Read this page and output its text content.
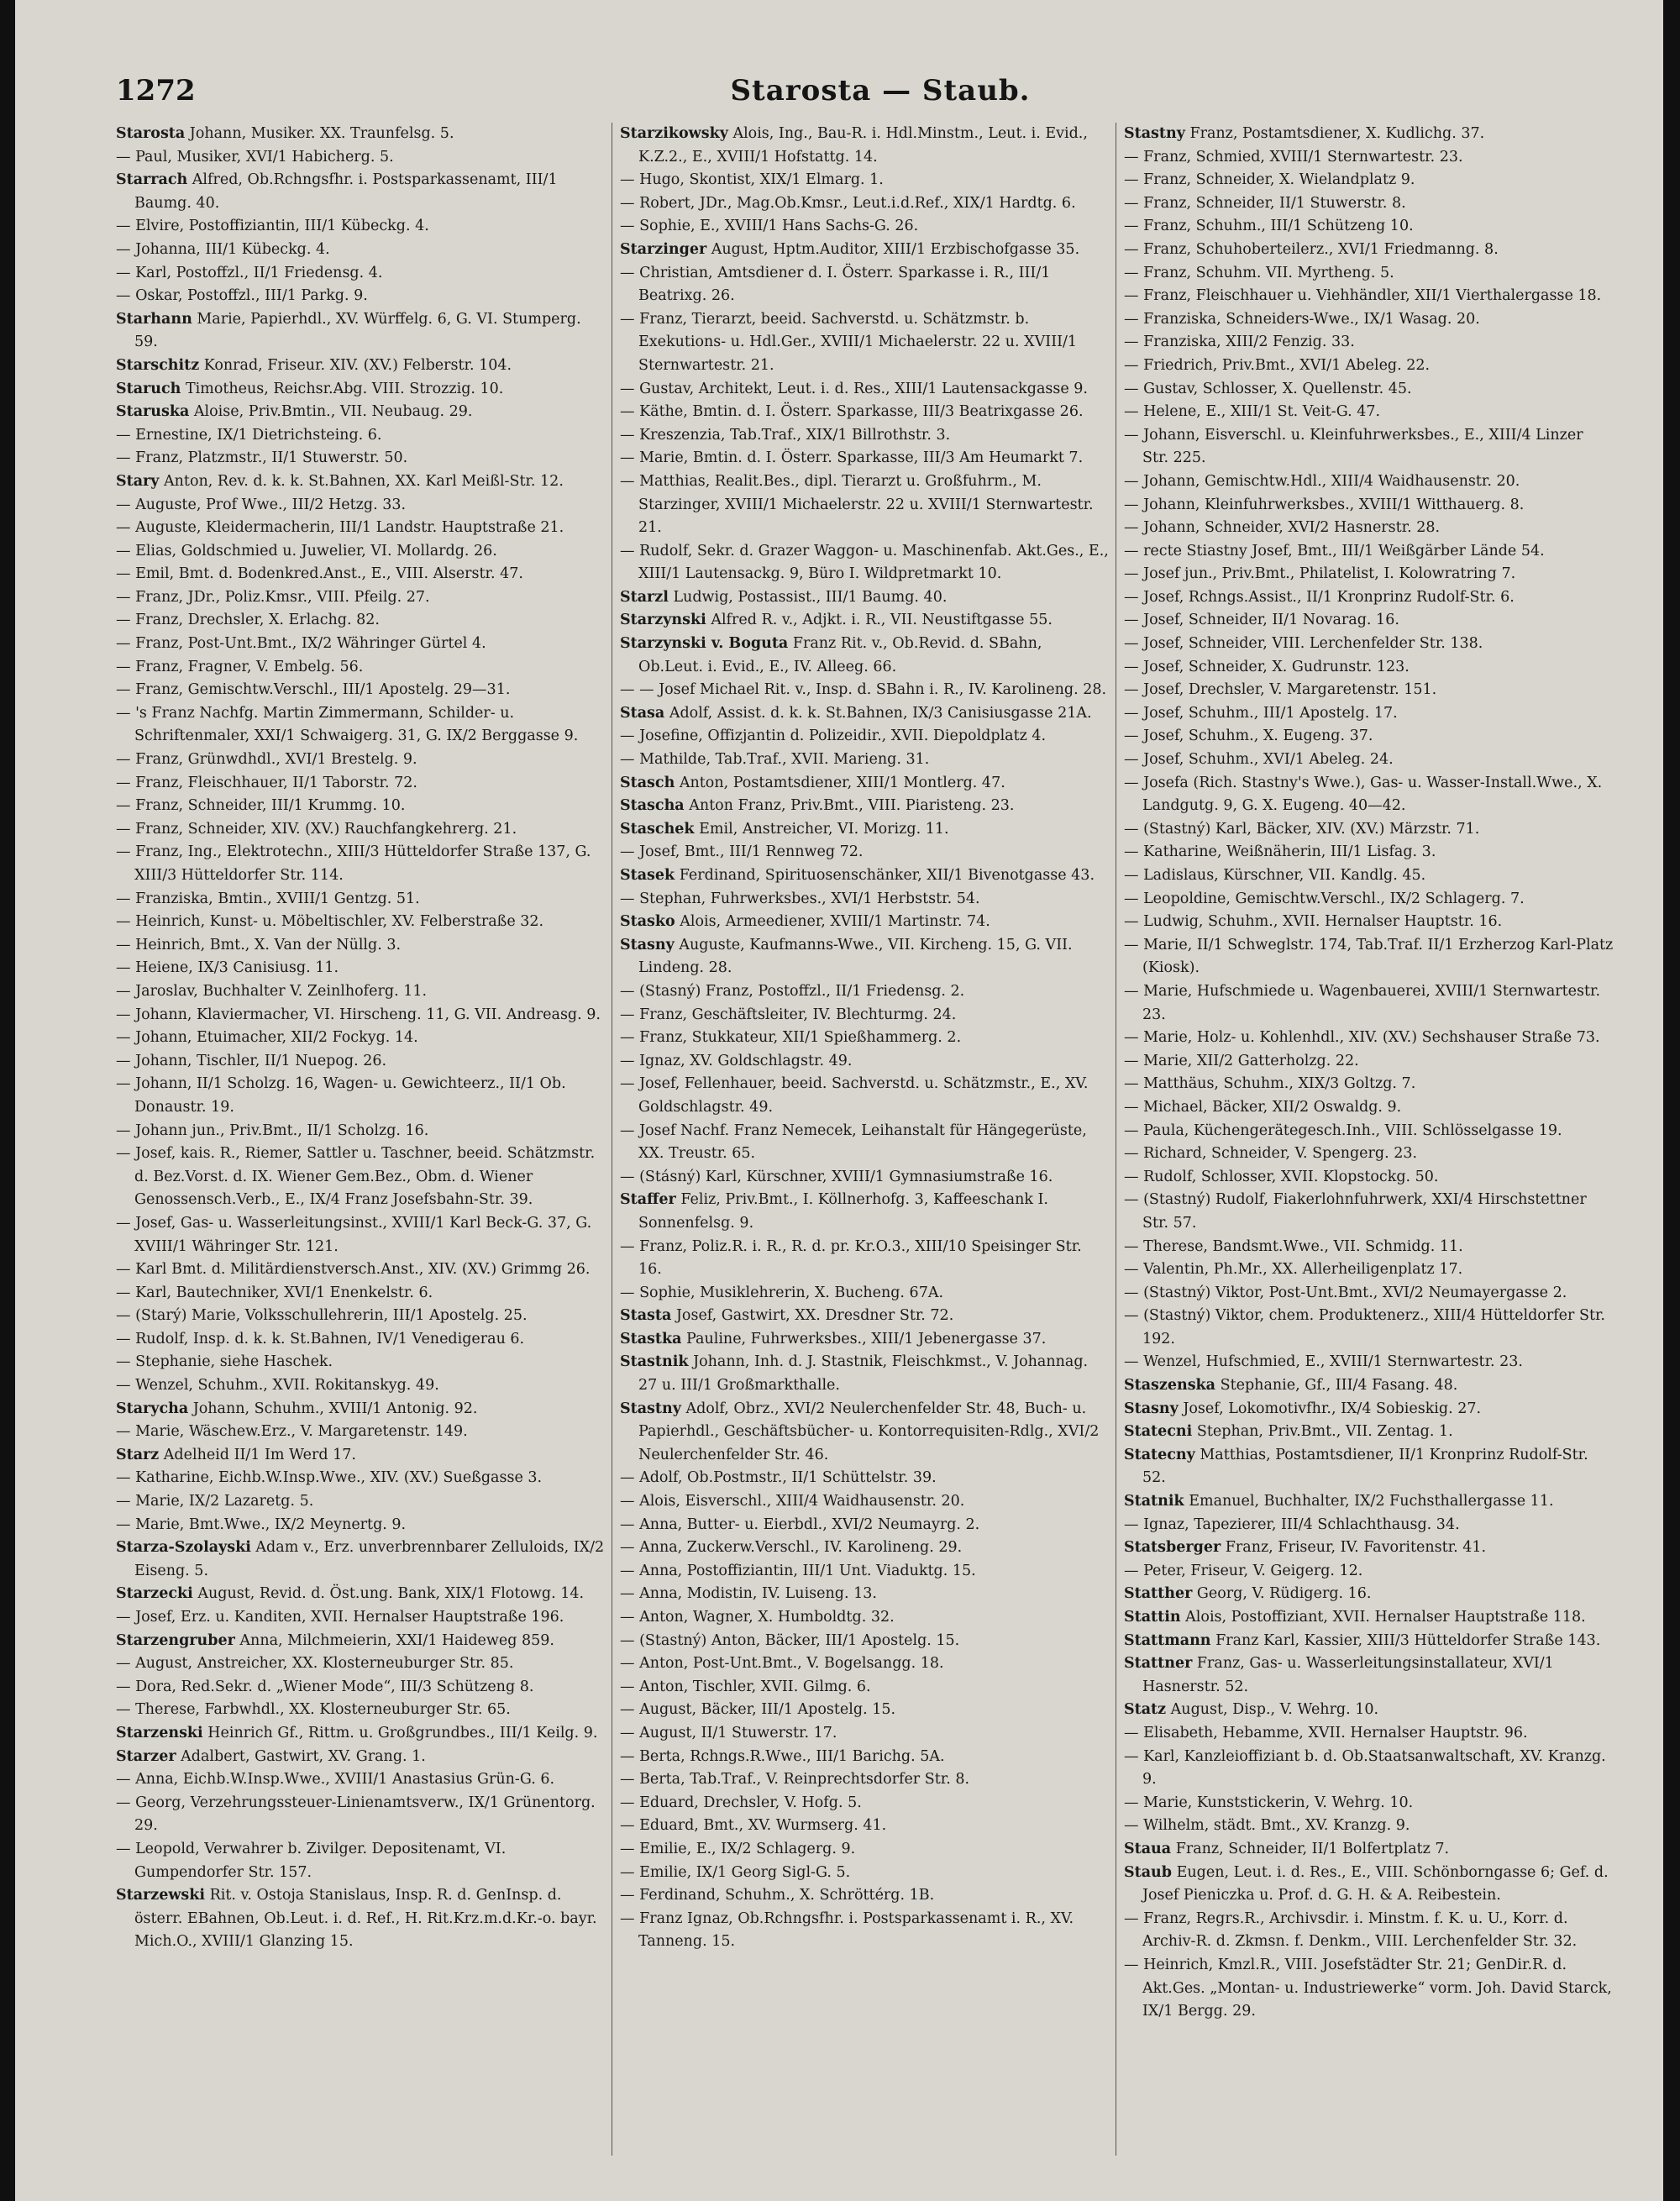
1272	Starosta — Staub.

Starosta Johann, Musiker. XX. Traunfelsg. 5.

— Paul, Musiker, XVI/1 Habicherg. 5.

Starrach Alfred, Ob.Rchngsfhr. i. Postsparkassenamt, III/1 Baumg. 40.

— Elvire, Postoffiziantin, III/1 Kübeckg. 4.

— Johanna, III/1 Kübeckg. 4.

— Karl, Postoffzl., II/1 Friedensg. 4.

— Oskar, Postoffzl., III/1 Parkg. 9.

Starhann Marie, Papierhdl., XV. Würffelg. 6, G. VI. Stumperg. 59.

Starschitz Konrad, Friseur. XIV. (XV.) Felberstr. 104.

Staruch Timotheus, Reichsr.Abg. VIII. Strozzig. 10.

Staruska Aloise, Priv.Bmtin., VII. Neubaug. 29.

— Ernestine, IX/1 Dietrichsteing. 6.

— Franz, Platzmstr., II/1 Stuwerstr. 50.

Stary Anton, Rev. d. k. k. St.Bahnen, XX. Karl Meißl-Str. 12.

— Auguste, Prof Wwe., III/2 Hetzg. 33.

— Auguste, Kleidermacherin, III/1 Landstr. Hauptstraße 21.

— Elias, Goldschmied u. Juwelier, VI. Mollardg. 26.

— Emil, Bmt. d. Bodenkred.Anst., E., VIII. Alserstr. 47.

— Franz, JDr., Poliz.Kmsr., VIII. Pfeilg. 27.

— Franz, Drechsler, X. Erlachg. 82.

— Franz, Post-Unt.Bmt., IX/2 Währinger Gürtel 4.

— Franz, Fragner, V. Embelg. 56.

— Franz, Gemischtw.Verschl., III/1 Apostelg. 29—31.

— 's Franz Nachfg. Martin Zimmermann, Schilder- u. Schriftenmaler, XXI/1 Schwaigerg. 31, G. IX/2 Berggasse 9.

— Franz, Grünwdhdl., XVI/1 Brestelg. 9.

— Franz, Fleischhauer, II/1 Taborstr. 72.

— Franz, Schneider, III/1 Krummg. 10.

— Franz, Schneider, XIV. (XV.) Rauchfangkehrerg. 21.

— Franz, Ing., Elektrotechn., XIII/3 Hütteldorfer Straße 137, G. XIII/3 Hütteldorfer Str. 114.

— Franziska, Bmtin., XVIII/1 Gentzg. 51.

— Heinrich, Kunst- u. Möbeltischler, XV. Felberstraße 32.

— Heinrich, Bmt., X. Van der Nüllg. 3.

— Heiene, IX/3 Canisiusg. 11.

— Jaroslav, Buchhalter V. Zeinlhoferg. 11.

— Johann, Klaviermacher, VI. Hirscheng. 11, G. VII. Andreasg. 9.

— Johann, Etuimacher, XII/2 Fockyg. 14.

— Johann, Tischler, II/1 Nuepog. 26.

— Johann, II/1 Scholzg. 16, Wagen- u. Gewichteerz., II/1 Ob. Donaustr. 19.

— Johann jun., Priv.Bmt., II/1 Scholzg. 16.

— Josef, kais. R., Riemer, Sattler u. Taschner, beeid. Schätzmstr. d. Bez.Vorst. d. IX. Wiener Gem.Bez., Obm. d. Wiener Genossensch.Verb., E., IX/4 Franz Josefsbahn-Str. 39.

— Josef, Gas- u. Wasserleitungsinst., XVIII/1 Karl Beck-G. 37, G. XVIII/1 Währinger Str. 121.

— Karl Bmt. d. Militärdienstversch.Anst., XIV. (XV.) Grimmg 26.

— Karl, Bautechniker, XVI/1 Enenkelstr. 6.

— (Starý) Marie, Volksschullehrerin, III/1 Apostelg. 25.

— Rudolf, Insp. d. k. k. St.Bahnen, IV/1 Venedigerau 6.

— Stephanie, siehe Haschek.

— Wenzel, Schuhm., XVII. Rokitanskyg. 49.

Starycha Johann, Schuhm., XVIII/1 Antonig. 92.

— Marie, Wäschew.Erz., V. Margaretenstr. 149.

Starz Adelheid II/1 Im Werd 17.

— Katharine, Eichb.W.Insp.Wwe., XIV. (XV.) Sueßgasse 3.

— Marie, IX/2 Lazaretg. 5.

— Marie, Bmt.Wwe., IX/2 Meynertg. 9.

Starza-Szolayski Adam v., Erz. unverbrennbarer Zelluloids, IX/2 Eiseng. 5.

Starzecki August, Revid. d. Öst.ung. Bank, XIX/1 Flotowg. 14.

— Josef, Erz. u. Kanditen, XVII. Hernalser Hauptstraße 196.

Starzengruber Anna, Milchmeierin, XXI/1 Haideweg 859.

— August, Anstreicher, XX. Klosterneuburger Str. 85.

— Dora, Red.Sekr. d. „Wiener Mode“, III/3 Schützeng 8.

— Therese, Farbwhdl., XX. Klosterneuburger Str. 65.

Starzenski Heinrich Gf., Rittm. u. Großgrundbes., III/1 Keilg. 9.

Starzer Adalbert, Gastwirt, XV. Grang. 1.

— Anna, Eichb.W.Insp.Wwe., XVIII/1 Anastasius Grün-G. 6.

— Georg, Verzehrungssteuer-Linienamtsverw., IX/1 Grünentorg. 29.

— Leopold, Verwahrer b. Zivilger. Depositenamt, VI. Gumpendorfer Str. 157.

Starzewski Rit. v. Ostoja Stanislaus, Insp. R. d. GenInsp. d. österr. EBahnen, Ob.Leut. i. d. Ref., H. Rit.Krz.m.d.Kr.-o. bayr. Mich.O., XVIII/1 Glanzing 15.

Starzikowsky Alois, Ing., Bau-R. i. Hdl.Minstm., Leut. i. Evid., K.Z.2., E., XVIII/1 Hofstattg. 14.

— Hugo, Skontist, XIX/1 Elmarg. 1.

— Robert, JDr., Mag.Ob.Kmsr., Leut.i.d.Ref., XIX/1 Hardtg. 6.

— Sophie, E., XVIII/1 Hans Sachs-G. 26.

Starzinger August, Hptm.Auditor, XIII/1 Erzbischofgasse 35.

— Christian, Amtsdiener d. I. Österr. Sparkasse i. R., III/1 Beatrixg. 26.

— Franz, Tierarzt, beeid. Sachverstd. u. Schätzmstr. b. Exekutions- u. Hdl.Ger., XVIII/1 Michaelerstr. 22 u. XVIII/1 Sternwartestr. 21.

— Gustav, Architekt, Leut. i. d. Res., XIII/1 Lautensackgasse 9.

— Käthe, Bmtin. d. I. Österr. Sparkasse, III/3 Beatrixgasse 26.

— Kreszenzia, Tab.Traf., XIX/1 Billrothstr. 3.

— Marie, Bmtin. d. I. Österr. Sparkasse, III/3 Am Heumarkt 7.

— Matthias, Realit.Bes., dipl. Tierarzt u. Großfuhrm., M. Starzinger, XVIII/1 Michaelerstr. 22 u. XVIII/1 Sternwartestr. 21.

— Rudolf, Sekr. d. Grazer Waggon- u. Maschinenfab. Akt.Ges., E., XIII/1 Lautensackg. 9, Büro I. Wildpretmarkt 10.

Starzl Ludwig, Postassist., III/1 Baumg. 40.

Starzynski Alfred R. v., Adjkt. i. R., VII. Neustiftgasse 55.

Starzynski v. Boguta Franz Rit. v., Ob.Revid. d. SBahn, Ob.Leut. i. Evid., E., IV. Alleeg. 66.

— — Josef Michael Rit. v., Insp. d. SBahn i. R., IV. Karolineng. 28.

Stasa Adolf, Assist. d. k. k. St.Bahnen, IX/3 Canisiusgasse 21A.

— Josefine, Offizjantin d. Polizeidir., XVII. Diepoldplatz 4.

— Mathilde, Tab.Traf., XVII. Marieng. 31.

Stasch Anton, Postamtsdiener, XIII/1 Montlerg. 47.

Stascha Anton Franz, Priv.Bmt., VIII. Piaristeng. 23.

Staschek Emil, Anstreicher, VI. Morizg. 11.

— Josef, Bmt., III/1 Rennweg 72.

Stasek Ferdinand, Spirituosenschänker, XII/1 Bivenotgasse 43.

— Stephan, Fuhrwerksbes., XVI/1 Herbststr. 54.

Stasko Alois, Armeediener, XVIII/1 Martinstr. 74.

Stasny Auguste, Kaufmanns-Wwe., VII. Kircheng. 15, G. VII. Lindeng. 28.

— (Stasný) Franz, Postoffzl., II/1 Friedensg. 2.

— Franz, Geschäftsleiter, IV. Blechturmg. 24.

— Franz, Stukkateur, XII/1 Spießhammerg. 2.

— Ignaz, XV. Goldschlagstr. 49.

— Josef, Fellenhauer, beeid. Sachverstd. u. Schätzmstr., E., XV. Goldschlagstr. 49.

— Josef Nachf. Franz Nemecek, Leihanstalt für Hängegerüste, XX. Treustr. 65.

— (Stásný) Karl, Kürschner, XVIII/1 Gymnasiumstraße 16.

Staffer Feliz, Priv.Bmt., I. Köllnerhofg. 3, Kaffeeschank I. Sonnenfelsg. 9.

— Franz, Poliz.R. i. R., R. d. pr. Kr.O.3., XIII/10 Speisinger Str. 16.

— Sophie, Musiklehrerin, X. Bucheng. 67A.

Stasta Josef, Gastwirt, XX. Dresdner Str. 72.

Stastka Pauline, Fuhrwerksbes., XIII/1 Jebenergasse 37.

Stastnik Johann, Inh. d. J. Stastnik, Fleischkmst., V. Johannag. 27 u. III/1 Großmarkthalle.

Stastny Adolf, Obrz., XVI/2 Neulerchenfelder Str. 48, Buch- u. Papierhdl., Geschäftsbücher- u. Kontorrequisiten-Rdlg., XVI/2 Neulerchenfelder Str. 46.

— Adolf, Ob.Postmstr., II/1 Schüttelstr. 39.

— Alois, Eisverschl., XIII/4 Waidhausenstr. 20.

— Anna, Butter- u. Eierbdl., XVI/2 Neumayrg. 2.

— Anna, Zuckerw.Verschl., IV. Karolineng. 29.

— Anna, Postoffiziantin, III/1 Unt. Viaduktg. 15.

— Anna, Modistin, IV. Luiseng. 13.

— Anton, Wagner, X. Humboldtg. 32.

— (Stastný) Anton, Bäcker, III/1 Apostelg. 15.

— Anton, Post-Unt.Bmt., V. Bogelsangg. 18.

— Anton, Tischler, XVII. Gilmg. 6.

— August, Bäcker, III/1 Apostelg. 15.

— August, II/1 Stuwerstr. 17.

— Berta, Rchngs.R.Wwe., III/1 Barichg. 5A.

— Berta, Tab.Traf., V. Reinprechtsdorfer Str. 8.

— Eduard, Drechsler, V. Hofg. 5.

— Eduard, Bmt., XV. Wurmserg. 41.

— Emilie, E., IX/2 Schlagerg. 9.

— Emilie, IX/1 Georg Sigl-G. 5.

— Ferdinand, Schuhm., X. Schröttérg. 1B.

— Franz Ignaz, Ob.Rchngsfhr. i. Postsparkassenamt i. R., XV. Tanneng. 15.

Stastny Franz, Postamtsdiener, X. Kudlichg. 37.

— Franz, Schmied, XVIII/1 Sternwartestr. 23.

— Franz, Schneider, X. Wielandplatz 9.

— Franz, Schneider, II/1 Stuwerstr. 8.

— Franz, Schuhm., III/1 Schützeng 10.

— Franz, Schuhoberteilerz., XVI/1 Friedmanng. 8.

— Franz, Schuhm. VII. Myrtheng. 5.

— Franz, Fleischhauer u. Viehhändler, XII/1 Vierthalergasse 18.

— Franziska, Schneiders-Wwe., IX/1 Wasag. 20.

— Franziska, XIII/2 Fenzig. 33.

— Friedrich, Priv.Bmt., XVI/1 Abeleg. 22.

— Gustav, Schlosser, X. Quellenstr. 45.

— Helene, E., XIII/1 St. Veit-G. 47.

— Johann, Eisverschl. u. Kleinfuhrwerksbes., E., XIII/4 Linzer Str. 225.

— Johann, Gemischtw.Hdl., XIII/4 Waidhausenstr. 20.

— Johann, Kleinfuhrwerksbes., XVIII/1 Witthauerg. 8.

— Johann, Schneider, XVI/2 Hasnerstr. 28.

— recte Stiastny Josef, Bmt., III/1 Weißgärber Lände 54.

— Josef jun., Priv.Bmt., Philatelist, I. Kolowratring 7.

— Josef, Rchngs.Assist., II/1 Kronprinz Rudolf-Str. 6.

— Josef, Schneider, II/1 Novarag. 16.

— Josef, Schneider, VIII. Lerchenfelder Str. 138.

— Josef, Schneider, X. Gudrunstr. 123.

— Josef, Drechsler, V. Margaretenstr. 151.

— Josef, Schuhm., III/1 Apostelg. 17.

— Josef, Schuhm., X. Eugeng. 37.

— Josef, Schuhm., XVI/1 Abeleg. 24.

— Josefa (Rich. Stastny's Wwe.), Gas- u. Wasser-Install.Wwe., X. Landgutg. 9, G. X. Eugeng. 40—42.

— (Stastný) Karl, Bäcker, XIV. (XV.) Märzstr. 71.

— Katharine, Weißnäherin, III/1 Lisfag. 3.

— Ladislaus, Kürschner, VII. Kandlg. 45.

— Leopoldine, Gemischtw.Verschl., IX/2 Schlagerg. 7.

— Ludwig, Schuhm., XVII. Hernalser Hauptstr. 16.

— Marie, II/1 Schweglstr. 174, Tab.Traf. II/1 Erzherzog Karl-Platz (Kiosk).

— Marie, Hufschmiede u. Wagenbauerei, XVIII/1 Sternwartestr. 23.

— Marie, Holz- u. Kohlenhdl., XIV. (XV.) Sechshauser Straße 73.

— Marie, XII/2 Gatterholzg. 22.

— Matthäus, Schuhm., XIX/3 Goltzg. 7.

— Michael, Bäcker, XII/2 Oswaldg. 9.

— Paula, Küchengerätegesch.Inh., VIII. Schlösselgasse 19.

— Richard, Schneider, V. Spengerg. 23.

— Rudolf, Schlosser, XVII. Klopstockg. 50.

— (Stastný) Rudolf, Fiakerlohnfuhrwerk, XXI/4 Hirschstettner Str. 57.

— Therese, Bandsmt.Wwe., VII. Schmidg. 11.

— Valentin, Ph.Mr., XX. Allerheiligenplatz 17.

— (Stastný) Viktor, Post-Unt.Bmt., XVI/2 Neumayergasse 2.

— (Stastný) Viktor, chem. Produktenerz., XIII/4 Hütteldorfer Str. 192.

— Wenzel, Hufschmied, E., XVIII/1 Sternwartestr. 23.

Staszenska Stephanie, Gf., III/4 Fasang. 48.

Stasny Josef, Lokomotivfhr., IX/4 Sobieskig. 27.

Statecni Stephan, Priv.Bmt., VII. Zentag. 1.

Statecny Matthias, Postamtsdiener, II/1 Kronprinz Rudolf-Str. 52.

Statnik Emanuel, Buchhalter, IX/2 Fuchsthallergasse 11.

— Ignaz, Tapezierer, III/4 Schlachthausg. 34.

Statsberger Franz, Friseur, IV. Favoritenstr. 41.

— Peter, Friseur, V. Geigerg. 12.

Statther Georg, V. Rüdigerg. 16.

Stattin Alois, Postoffiziant, XVII. Hernalser Hauptstraße 118.

Stattmann Franz Karl, Kassier, XIII/3 Hütteldorfer Straße 143.

Stattner Franz, Gas- u. Wasserleitungsinstallateur, XVI/1 Hasnerstr. 52.

Statz August, Disp., V. Wehrg. 10.

— Elisabeth, Hebamme, XVII. Hernalser Hauptstr. 96.

— Karl, Kanzleioffiziant b. d. Ob.Staatsanwaltschaft, XV. Kranzg. 9.

— Marie, Kunststickerin, V. Wehrg. 10.

— Wilhelm, städt. Bmt., XV. Kranzg. 9.

Staua Franz, Schneider, II/1 Bolfertplatz 7.

Staub Eugen, Leut. i. d. Res., E., VIII. Schönborngasse 6; Gef. d. Josef Pieniczka u. Prof. d. G. H. & A. Reibestein.

— Franz, Regrs.R., Archivsdir. i. Minstm. f. K. u. U., Korr. d. Archiv-R. d. Zkmsn. f. Denkm., VIII. Lerchenfelder Str. 32.

— Heinrich, Kmzl.R., VIII. Josefstädter Str. 21; GenDir.R. d. Akt.Ges. „Montan- u. Industriewerke“ vorm. Joh. David Starck, IX/1 Bergg. 29.
